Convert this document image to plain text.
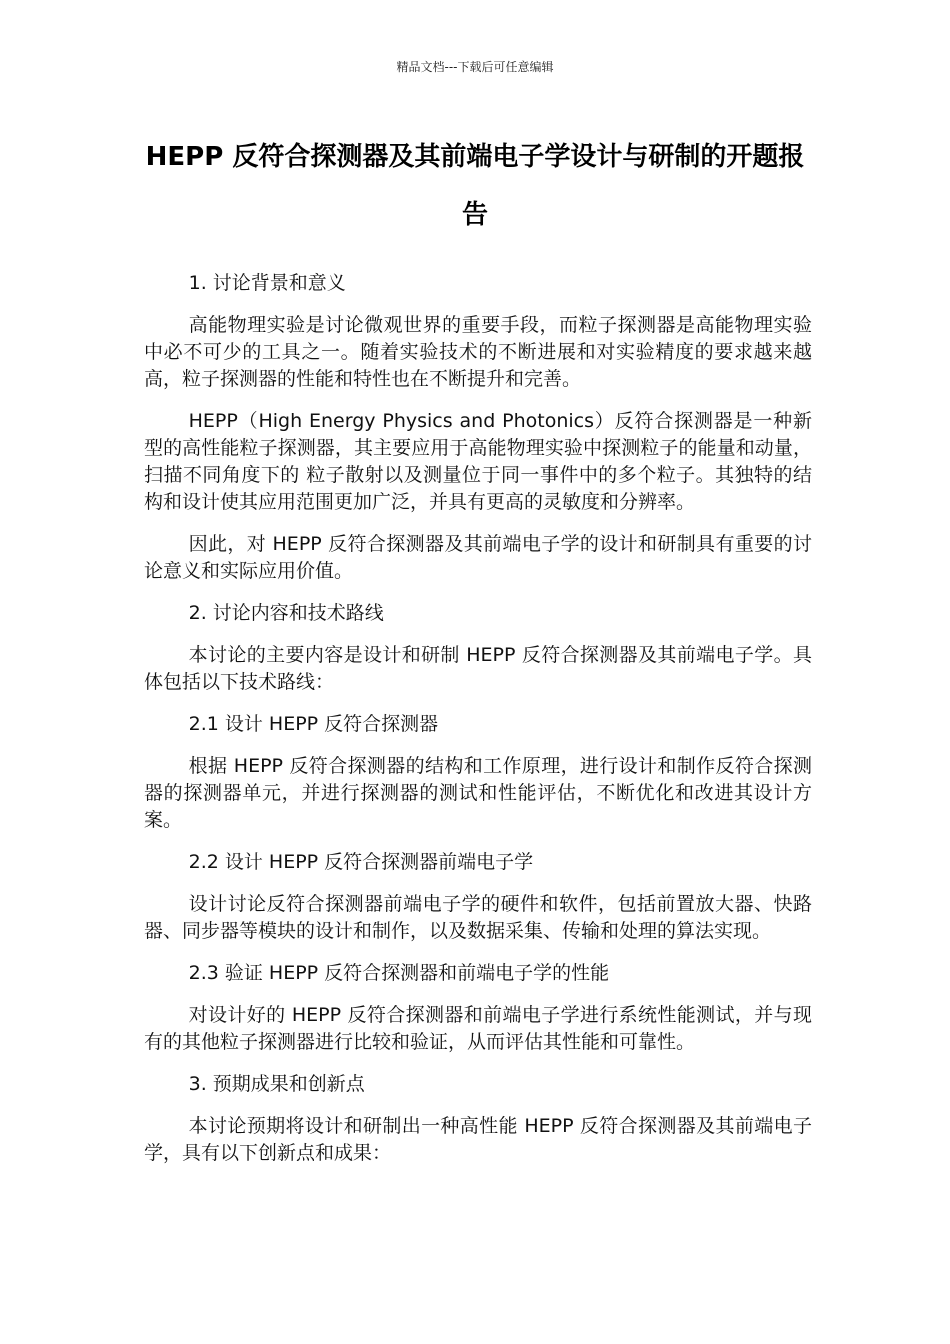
精品文档---下载后可任意编辑
HEPP 反符合探测器及其前端电子学设计与研制的开题报告

1. 讨论背景和意义

高能物理实验是讨论微观世界的重要手段，而粒子探测器是高能物理实验中必不可少的工具之一。随着实验技术的不断进展和对实验精度的要求越来越高，粒子探测器的性能和特性也在不断提升和完善。

HEPP（High Energy Physics and Photonics）反符合探测器是一种新型的高性能粒子探测器，其主要应用于高能物理实验中探测粒子的能量和动量，扫描不同角度下的 粒子散射以及测量位于同一事件中的多个粒子。其独特的结构和设计使其应用范围更加广泛，并具有更高的灵敏度和分辨率。

因此，对 HEPP 反符合探测器及其前端电子学的设计和研制具有重要的讨论意义和实际应用价值。

2. 讨论内容和技术路线

本讨论的主要内容是设计和研制 HEPP 反符合探测器及其前端电子学。具体包括以下技术路线：

2.1 设计 HEPP 反符合探测器

根据 HEPP 反符合探测器的结构和工作原理，进行设计和制作反符合探测器的探测器单元，并进行探测器的测试和性能评估，不断优化和改进其设计方案。

2.2 设计 HEPP 反符合探测器前端电子学

设计讨论反符合探测器前端电子学的硬件和软件，包括前置放大器、快路器、同步器等模块的设计和制作，以及数据采集、传输和处理的算法实现。

2.3 验证 HEPP 反符合探测器和前端电子学的性能

对设计好的 HEPP 反符合探测器和前端电子学进行系统性能测试，并与现有的其他粒子探测器进行比较和验证，从而评估其性能和可靠性。

3. 预期成果和创新点

本讨论预期将设计和研制出一种高性能 HEPP 反符合探测器及其前端电子学，具有以下创新点和成果：
